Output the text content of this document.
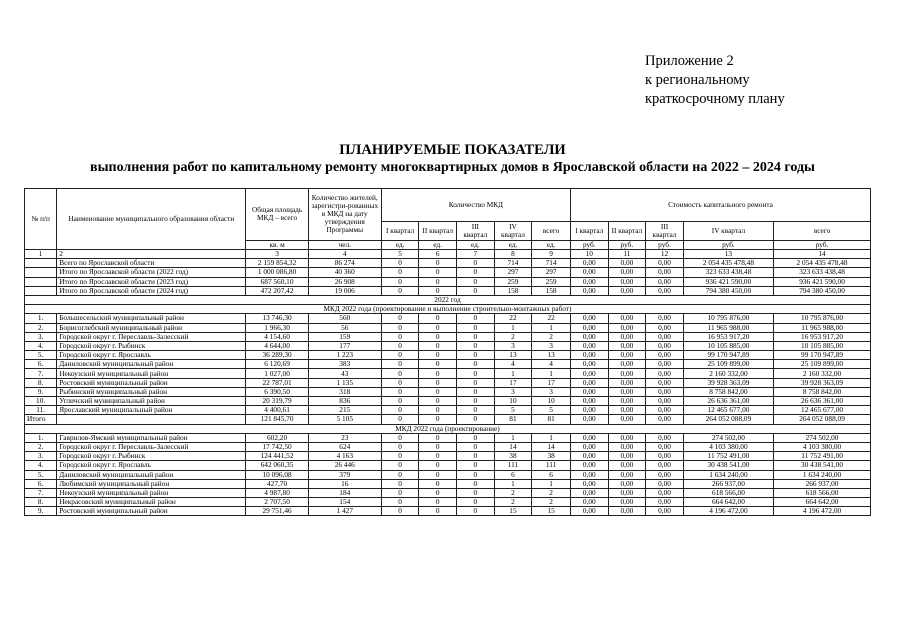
Приложение 2
к региональному
краткосрочному плану
ПЛАНИРУЕМЫЕ ПОКАЗАТЕЛИ
выполнения работ по капитальному ремонту многоквартирных домов в Ярославской области на 2022 – 2024 годы
№ п/п	Наименование муниципального образования области	Общая площадь МКД – всего	Количество жителей, зарегистри-рованных в МКД на дату утверждения Программы	Количество МКД					Стоимость капитального ремонта				
				I квартал	II квартал	III квартал	IV квартал	всего	I квартал	II квартал	III квартал	IV квартал	всего
		кв. м	чел.	ед.	ед.	ед.	ед.	ед.	руб.	руб.	руб.	руб.	руб.
1	2	3	4	5	6	7	8	9	10	11	12	13	14
	Всего по Ярославской области	2 159 854,32	86 274	0	0	0	714	714	0,00	0,00	0,00	2 054 435 478,48	2 054 435 478,48
	Итого по Ярославской области (2022 год)	1 000 086,80	40 360	0	0	0	297	297	0,00	0,00	0,00	323 633 438,48	323 633 438,48
	Итого по Ярославской области (2023 год)	687 560,10	26 908	0	0	0	259	259	0,00	0,00	0,00	936 421 590,00	936 421 590,00
	Итого по Ярославской области (2024 год)	472 207,42	19 006	0	0	0	158	158	0,00	0,00	0,00	794 380 450,00	794 380 450,00
2022 год													
МКД 2022 года (проектирование и выполнение строительно-монтажных работ)													
1.	Большесельский муниципальный район	13 746,30	560	0	0	0	22	22	0,00	0,00	0,00	10 795 876,00	10 795 876,00
2.	Борисоглебский муниципальный район	1 966,30	56	0	0	0	1	1	0,00	0,00	0,00	11 965 988,00	11 965 988,00
3.	Городской округ г. Переславль-Залесский	4 154,60	159	0	0	0	2	2	0,00	0,00	0,00	16 953 917,20	16 953 917,20
4.	Городской округ г. Рыбинск	4 644,00	177	0	0	0	3	3	0,00	0,00	0,00	10 105 885,00	10 105 885,00
5.	Городской округ г. Ярославль	36 289,30	1 223	0	0	0	13	13	0,00	0,00	0,00	99 170 947,89	99 170 947,89
6.	Даниловский муниципальный район	6 120,69	383	0	0	0	4	4	0,00	0,00	0,00	25 109 899,00	25 109 899,00
7.	Некоузский муниципальный район	1 027,00	43	0	0	0	1	1	0,00	0,00	0,00	2 160 332,00	2 160 332,00
8.	Ростовский муниципальный район	22 787,01	1 135	0	0	0	17	17	0,00	0,00	0,00	39 928 363,09	39 928 363,09
9.	Рыбинский муниципальный район	6 390,50	318	0	0	0	3	3	0,00	0,00	0,00	8 758 842,00	8 758 842,00
10.	Угличский муниципальный район	20 319,79	836	0	0	0	10	10	0,00	0,00	0,00	26 636 361,00	26 636 361,00
11.	Ярославский муниципальный район	4 400,61	215	0	0	0	5	5	0,00	0,00	0,00	12 465 677,00	12 465 677,00
Итого		121 845,70	5 105	0	0	0	81	81	0,00	0,00	0,00	264 052 088,09	264 052 088,09
МКД 2022 года (проектирование)													
1.	Гаврилов-Ямский муниципальный район	602,20	23	0	0	0	1	1	0,00	0,00	0,00	274 502,00	274 502,00
2.	Городской округ г. Переславль-Залесский	17 742,50	624	0	0	0	14	14	0,00	0,00	0,00	4 103 380,00	4 103 380,00
3.	Городской округ г. Рыбинск	124 441,52	4 163	0	0	0	38	38	0,00	0,00	0,00	11 752 491,00	11 752 491,00
4.	Городской округ г. Ярославль	642 060,35	26 446	0	0	0	111	111	0,00	0,00	0,00	30 438 541,00	30 438 541,00
5.	Даниловский муниципальный район	10 096,08	379	0	0	0	6	6	0,00	0,00	0,00	1 634 240,00	1 634 240,00
6.	Любимский муниципальный район	427,70	16	0	0	0	1	1	0,00	0,00	0,00	266 937,00	266 937,00
7.	Некоузский муниципальный район	4 987,80	184	0	0	0	2	2	0,00	0,00	0,00	618 566,00	618 566,00
8.	Некрасовский муниципальный район	2 707,50	154	0	0	0	2	2	0,00	0,00	0,00	664 642,00	664 642,00
9.	Ростовский муниципальный район	29 751,46	1 427	0	0	0	15	15	0,00	0,00	0,00	4 196 472,00	4 196 472,00
